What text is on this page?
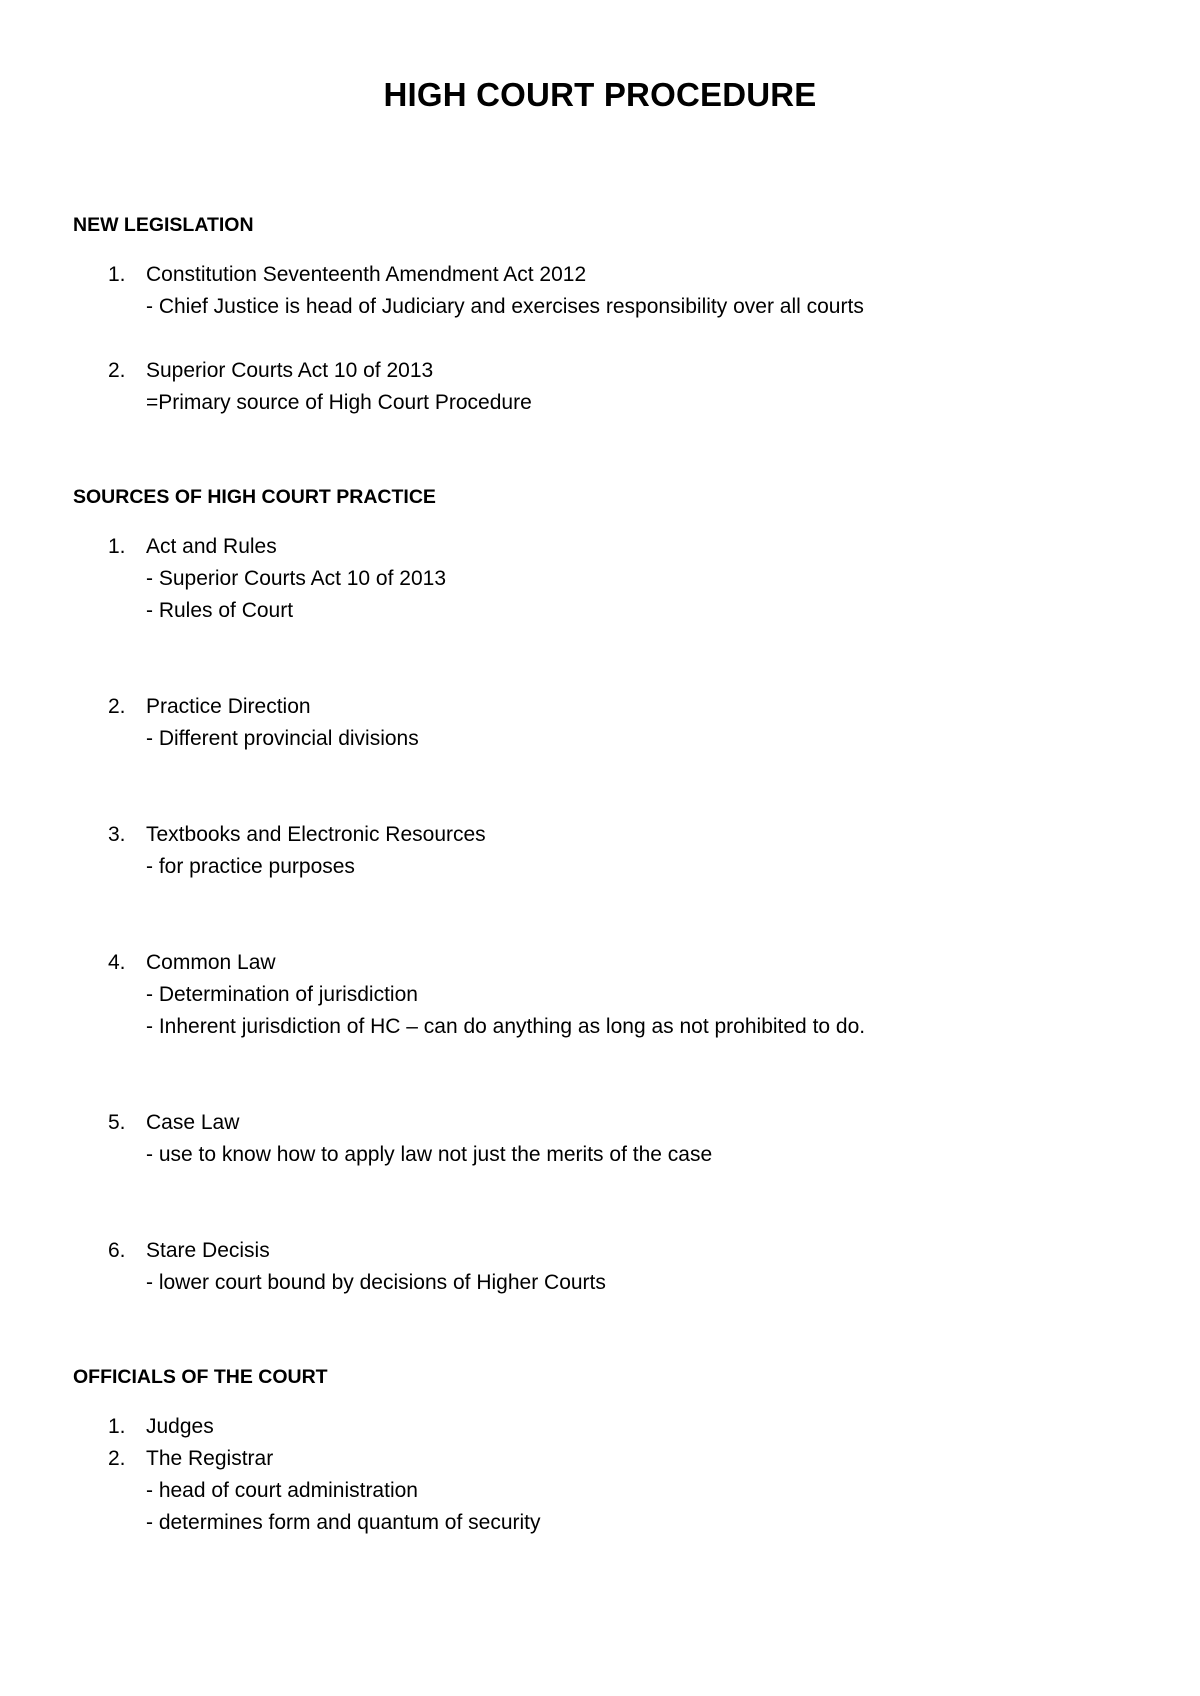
HIGH COURT PROCEDURE
NEW LEGISLATION
1. Constitution Seventeenth Amendment Act 2012
- Chief Justice is head of Judiciary and exercises responsibility over all courts
2. Superior Courts Act 10 of 2013
=Primary source of High Court Procedure
SOURCES OF HIGH COURT PRACTICE
1. Act and Rules
- Superior Courts Act 10 of 2013
- Rules of Court
2. Practice Direction
- Different provincial divisions
3. Textbooks and Electronic Resources
- for practice purposes
4. Common Law
- Determination of jurisdiction
- Inherent jurisdiction of HC – can do anything as long as not prohibited to do.
5. Case Law
- use to know how to apply law not just the merits of the case
6. Stare Decisis
- lower court bound by decisions of Higher Courts
OFFICIALS OF THE COURT
1. Judges
2. The Registrar
- head of court administration
- determines form and quantum of security
